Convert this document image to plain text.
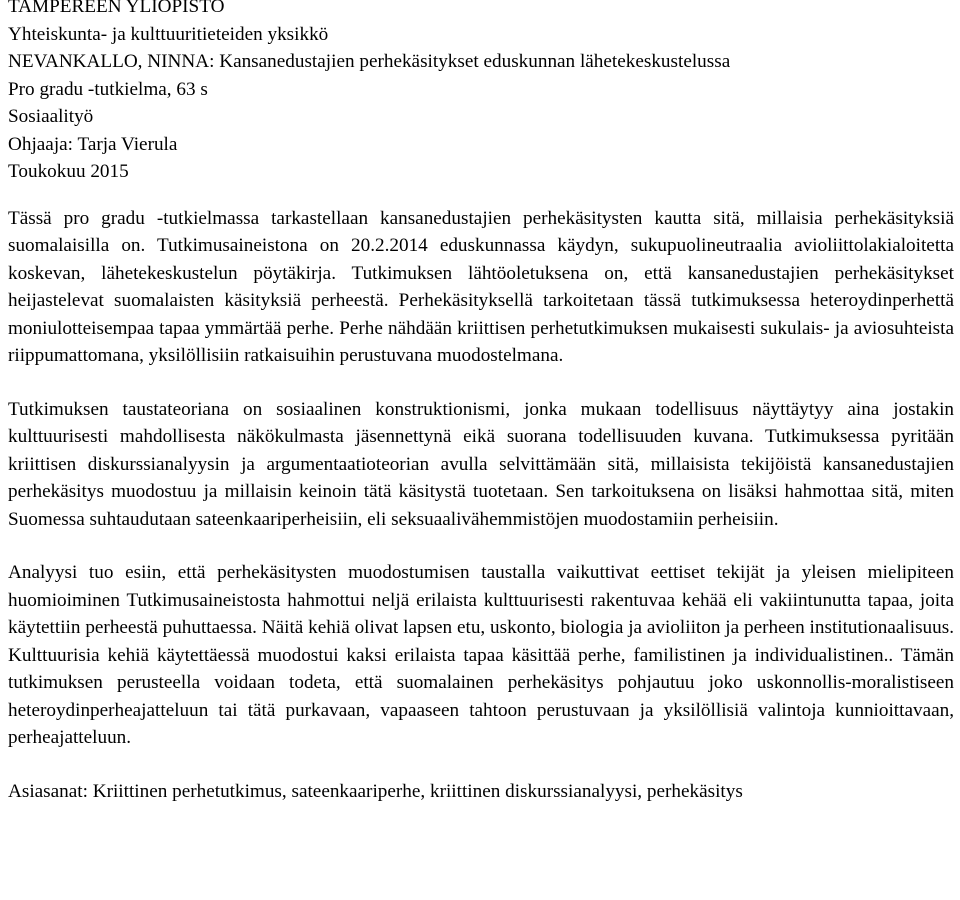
TAMPEREEN YLIOPISTO
Yhteiskunta- ja kulttuuritieteiden yksikkö
NEVANKALLO, NINNA: Kansanedustajien perhekäsitykset eduskunnan lähetekeskustelussa
Pro gradu -tutkielma, 63 s
Sosiaalityö
Ohjaaja: Tarja Vierula
Toukokuu 2015

Tässä pro gradu -tutkielmassa tarkastellaan kansanedustajien perhekäsitysten kautta sitä, millaisia perhekäsityksiä suomalaisilla on. Tutkimusaineistona on 20.2.2014 eduskunnassa käydyn, sukupuolineutraalia avioliittolakialoitetta koskevan, lähetekeskustelun pöytäkirja. Tutkimuksen lähtöoletuksena on, että kansanedustajien perhekäsitykset heijastelevat suomalaisten käsityksiä perheestä. Perhekäsityksellä tarkoitetaan tässä tutkimuksessa heteroydinperhettä moniulotteisempaa tapaa ymmärtää perhe. Perhe nähdään kriittisen perhetutkimuksen mukaisesti sukulais- ja aviosuhteista riippumattomana, yksilöllisiin ratkaisuihin perustuvana muodostelmana.

Tutkimuksen taustateoriana on sosiaalinen konstruktionismi, jonka mukaan todellisuus näyttäytyy aina jostakin kulttuurisesti mahdollisesta näkökulmasta jäsennettynä eikä suorana todellisuuden kuvana. Tutkimuksessa pyritään kriittisen diskurssianalyysin ja argumentaatioteorian avulla selvittämään sitä, millaisista tekijöistä kansanedustajien perhekäsitys muodostuu ja millaisin keinoin tätä käsitystä tuotetaan. Sen tarkoituksena on lisäksi hahmottaa sitä, miten Suomessa suhtaudutaan sateenkaariperheisiin, eli seksuaalivähemmistöjen muodostamiin perheisiin.

Analyysi tuo esiin, että perhekäsitysten muodostumisen taustalla vaikuttivat eettiset tekijät ja yleisen mielipiteen huomioiminen Tutkimusaineistosta hahmottui neljä erilaista kulttuurisesti rakentuvaa kehää eli vakiintunutta tapaa, joita käytettiin perheestä puhuttaessa. Näitä kehiä olivat lapsen etu, uskonto, biologia ja avioliiton ja perheen institutionaalisuus. Kulttuurisia kehiä käytettäessä muodostui kaksi erilaista tapaa käsittää perhe, familistinen ja individualistinen.. Tämän tutkimuksen perusteella voidaan todeta, että suomalainen perhekäsitys pohjautuu joko uskonnollis-moralistiseen heteroydinperheajatteluun tai tätä purkavaan, vapaaseen tahtoon perustuvaan ja yksilöllisiä valintoja kunnioittavaan, perheajatteluun.

Asiasanat: Kriittinen perhetutkimus, sateenkaariperhe, kriittinen diskurssianalyysi, perhekäsitys
